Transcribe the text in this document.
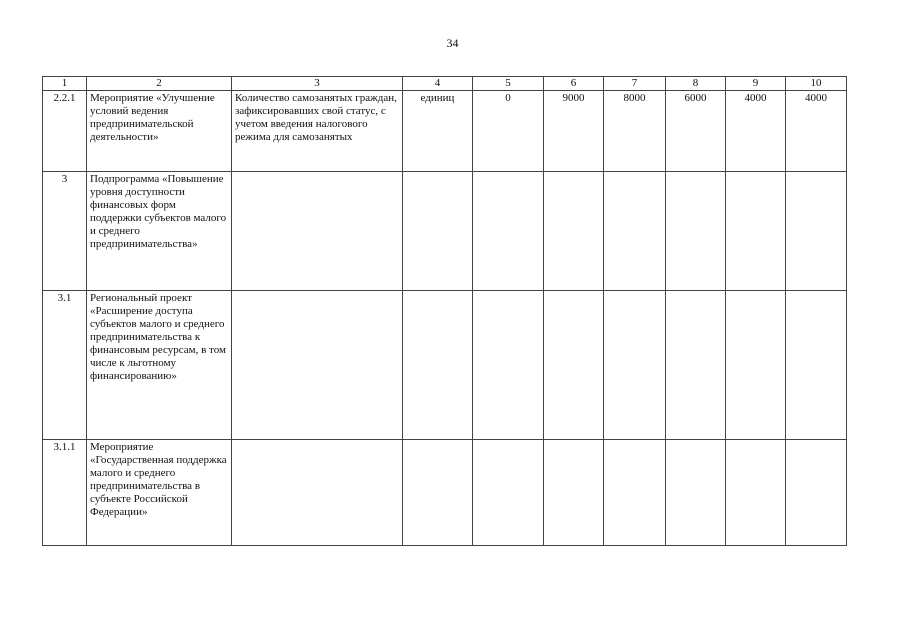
34
1	2	3	4	5	6	7	8	9	10
2.2.1	Мероприятие «Улучшение условий ведения предпринимательской деятельности»	Количество самозанятых граждан, зафиксировавших свой статус, с учетом введения налогового режима для самозанятых	единиц	0	9000	8000	6000	4000	4000
3	Подпрограмма «Повышение уровня доступности финансовых форм поддержки субъектов малого и среднего предпринимательства»								
3.1	Региональный проект «Расширение доступа субъектов малого и среднего предпринимательства к финансовым ресурсам, в том числе к льготному финансированию»								
3.1.1	Мероприятие «Государственная поддержка малого и среднего предпринимательства в субъекте Российской Федерации»								
